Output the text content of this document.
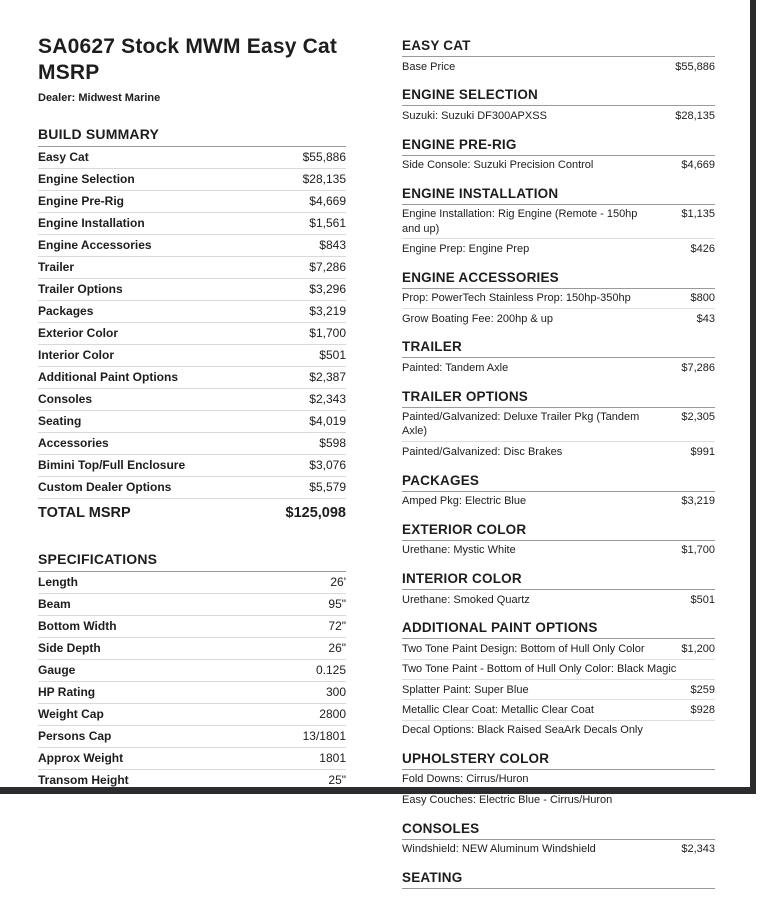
SA0627 Stock MWM Easy Cat
MSRP
Dealer: Midwest Marine
BUILD SUMMARY
Easy Cat	$55,886
Engine Selection	$28,135
Engine Pre-Rig	$4,669
Engine Installation	$1,561
Engine Accessories	$843
Trailer	$7,286
Trailer Options	$3,296
Packages	$3,219
Exterior Color	$1,700
Interior Color	$501
Additional Paint Options	$2,387
Consoles	$2,343
Seating	$4,019
Accessories	$598
Bimini Top/Full Enclosure	$3,076
Custom Dealer Options	$5,579
TOTAL MSRP	$125,098
SPECIFICATIONS
Length	26'
Beam	95"
Bottom Width	72"
Side Depth	26"
Gauge	0.125
HP Rating	300
Weight Cap	2800
Persons Cap	13/1801
Approx Weight	1801
Transom Height	25"
EASY CAT
Base Price	$55,886
ENGINE SELECTION
Suzuki: Suzuki DF300APXSS	$28,135
ENGINE PRE-RIG
Side Console: Suzuki Precision Control	$4,669
ENGINE INSTALLATION
Engine Installation: Rig Engine (Remote - 150hp and up)
$1,135
Engine Prep: Engine Prep	$426
ENGINE ACCESSORIES
Prop: PowerTech Stainless Prop: 150hp-350hp	$800
Grow Boating Fee: 200hp & up	$43
TRAILER
Painted: Tandem Axle	$7,286
TRAILER OPTIONS
Painted/Galvanized: Deluxe Trailer Pkg (Tandem Axle)
$2,305
Painted/Galvanized: Disc Brakes	$991
PACKAGES
Amped Pkg: Electric Blue	$3,219
EXTERIOR COLOR
Urethane: Mystic White	$1,700
INTERIOR COLOR
Urethane: Smoked Quartz	$501
ADDITIONAL PAINT OPTIONS
Two Tone Paint Design: Bottom of Hull Only Color	$1,200
Two Tone Paint - Bottom of Hull Only Color: Black Magic
Splatter Paint: Super Blue	$259
Metallic Clear Coat: Metallic Clear Coat	$928
Decal Options: Black Raised SeaArk Decals Only
UPHOLSTERY COLOR
Fold Downs: Cirrus/Huron
Easy Couches: Electric Blue - Cirrus/Huron
CONSOLES
Windshield: NEW Aluminum Windshield	$2,343
SEATING
